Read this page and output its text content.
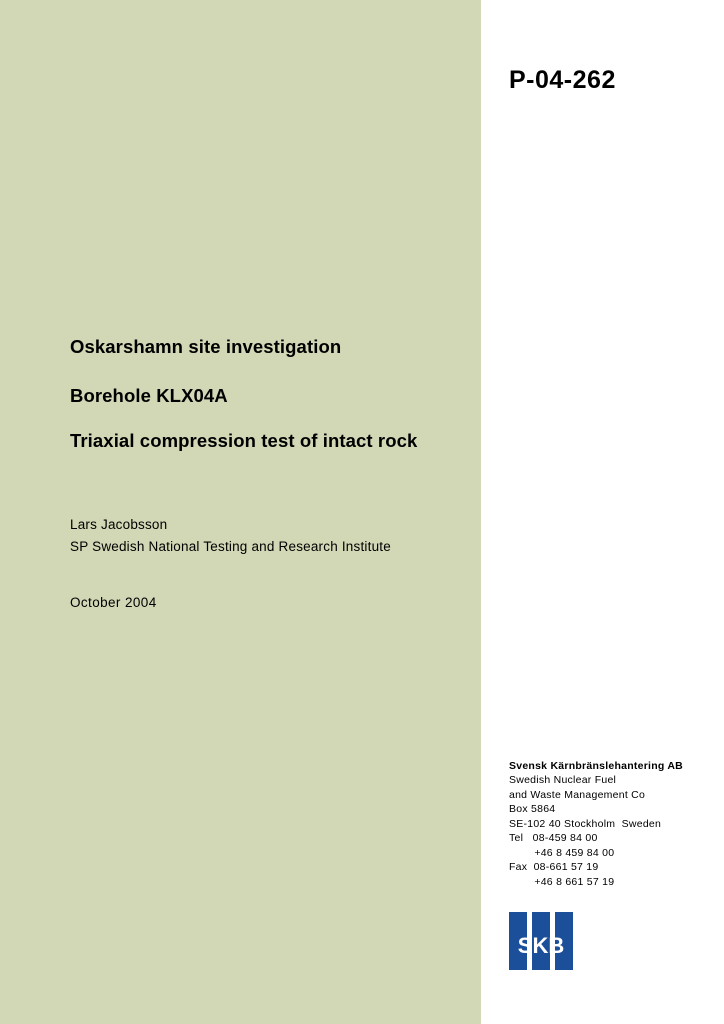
P-04-262
Oskarshamn site investigation
Borehole KLX04A
Triaxial compression test of intact rock
Lars Jacobsson
SP Swedish National Testing and Research Institute
October 2004
Svensk Kärnbränslehantering AB
Swedish Nuclear Fuel
and Waste Management Co
Box 5864
SE-102 40 Stockholm  Sweden
Tel   08-459 84 00
+46 8 459 84 00
Fax  08-661 57 19
+46 8 661 57 19
SKB
